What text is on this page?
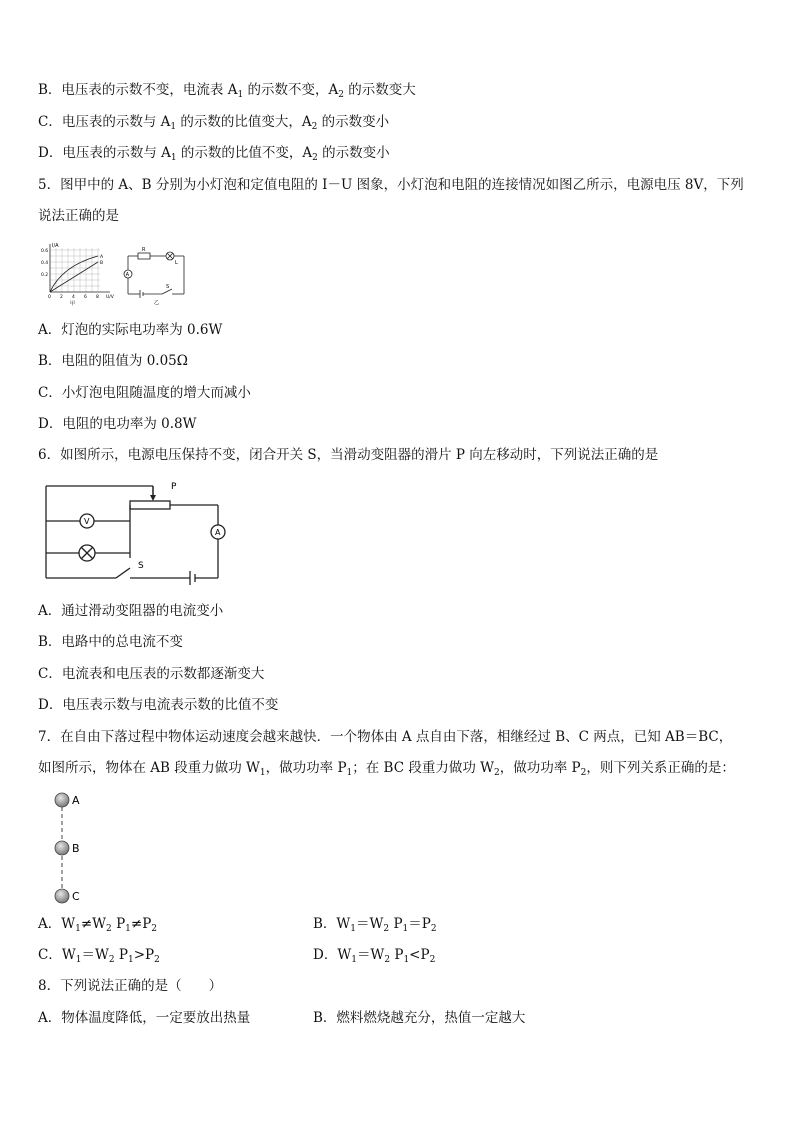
B．电压表的示数不变，电流表 $A_1$ 的示数不变，$A_2$ 的示数变大
C．电压表的示数与 $A_1$ 的示数的比值变大，$A_2$ 的示数变小
D．电压表的示数与 $A_1$ 的示数的比值不变，$A_2$ 的示数变小
5．图甲中的 A、B 分别为小灯泡和定值电阻的 I－U 图象，小灯泡和电阻的连接情况如图乙所示，电源电压 8V，下列
说法正确的是
I/A
0.6
0.4
0.2
0 2 4 6 8 U/V
A
B
甲
R
L
A
S
乙
A．灯泡的实际电功率为 0.6W
B．电阻的阻值为 0.05Ω
C．小灯泡电阻随温度的增大而减小
D．电阻的电功率为 0.8W
6．如图所示，电源电压保持不变，闭合开关 S，当滑动变阻器的滑片 P 向左移动时，下列说法正确的是
P
V
A
S
A．通过滑动变阻器的电流变小
B．电路中的总电流不变
C．电流表和电压表的示数都逐渐变大
D．电压表示数与电流表示数的比值不变
7．在自由下落过程中物体运动速度会越来越快．一个物体由 A 点自由下落，相继经过 B、C 两点，已知 AB＝BC，
如图所示，物体在 AB 段重力做功 $W_1$，做功功率 $P_1$；在 BC 段重力做功 $W_2$，做功功率 $P_2$，则下列关系正确的是：
A
B
C
A．$W_1\ne W_2$ $P_1\ne P_2$	B．$W_1=W_2$ $P_1=P_2$
C．$W_1=W_2$ $P_1>P_2$	D．$W_1=W_2$ $P_1<P_2$
8．下列说法正确的是（　　）
A．物体温度降低，一定要放出热量	B．燃料燃烧越充分，热值一定越大
